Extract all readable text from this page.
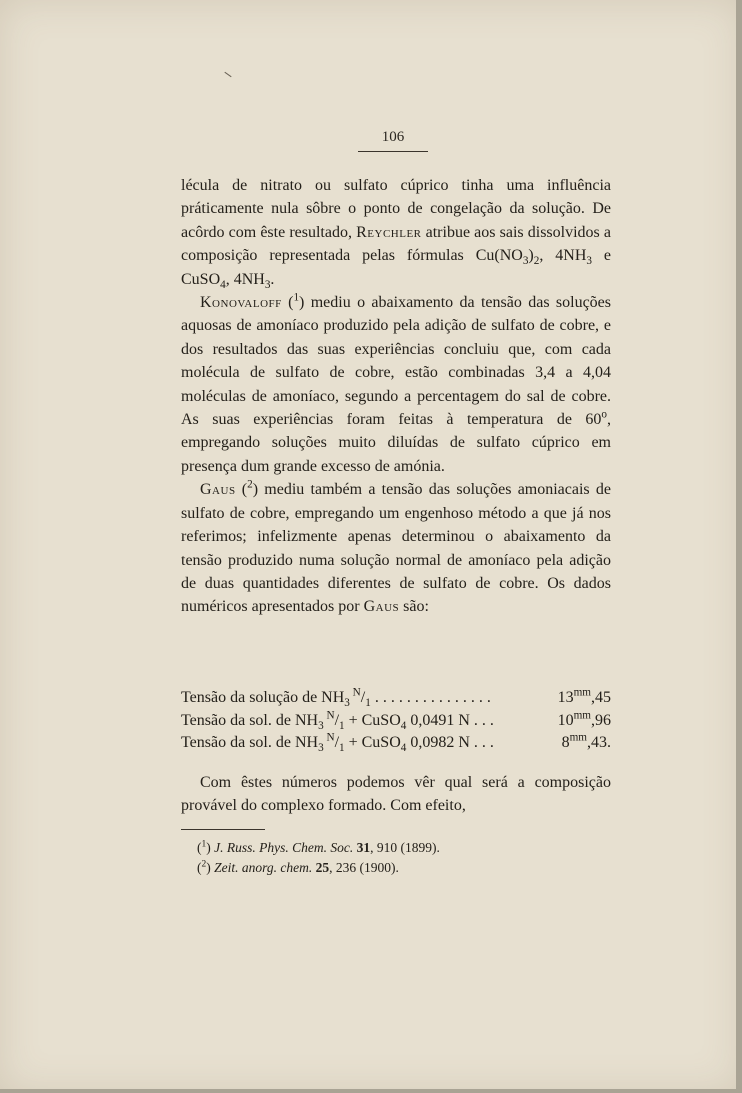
106

lécula de nitrato ou sulfato cúprico tinha uma influência práticamente nula sôbre o ponto de congelação da solução. De acôrdo com êste resultado, Reychler atribue aos sais dissolvidos a composição representada pelas fórmulas $Cu(NO_3)_2$, $4NH_3$ e CuSO$_4$, $4NH_3$.

Konovaloff ($^1$) mediu o abaixamento da tensão das soluções aquosas de amoníaco produzido pela adição de sulfato de cobre, e dos resultados das suas experiências concluiu que, com cada molécula de sulfato de cobre, estão combinadas 3,4 a 4,04 moléculas de amoníaco, segundo a percentagem do sal de cobre. As suas experiências foram feitas à temperatura de 60$^o$, empregando soluções muito diluídas de sulfato cúprico em presença dum grande excesso de amónia.

Gaus ($^2$) mediu também a tensão das soluções amoniacais de sulfato de cobre, empregando um engenhoso método a que já nos referimos; infelizmente apenas determinou o abaixamento da tensão produzido numa solução normal de amoníaco pela adição de duas quantidades diferentes de sulfato de cobre. Os dados numéricos apresentados por Gaus são:

Tensão da solução de $NH_3$ $^N/_1$ . . . . . . . . . . . . . . .	$13^{mm},45$
Tensão da sol. de $NH_3$ $^N/_1$ + CuSO$_4$ 0,0491 N . . .	$10^{mm},96$
Tensão da sol. de $NH_3$ $^N/_1$ + CuSO$_4$ 0,0982 N . . .	$8^{mm},43$.

Com êstes números podemos vêr qual será a composição provável do complexo formado. Com efeito,

($^1$) J. Russ. Phys. Chem. Soc. 31, 910 (1899).
($^2$) Zeit. anorg. chem. 25, 236 (1900).
